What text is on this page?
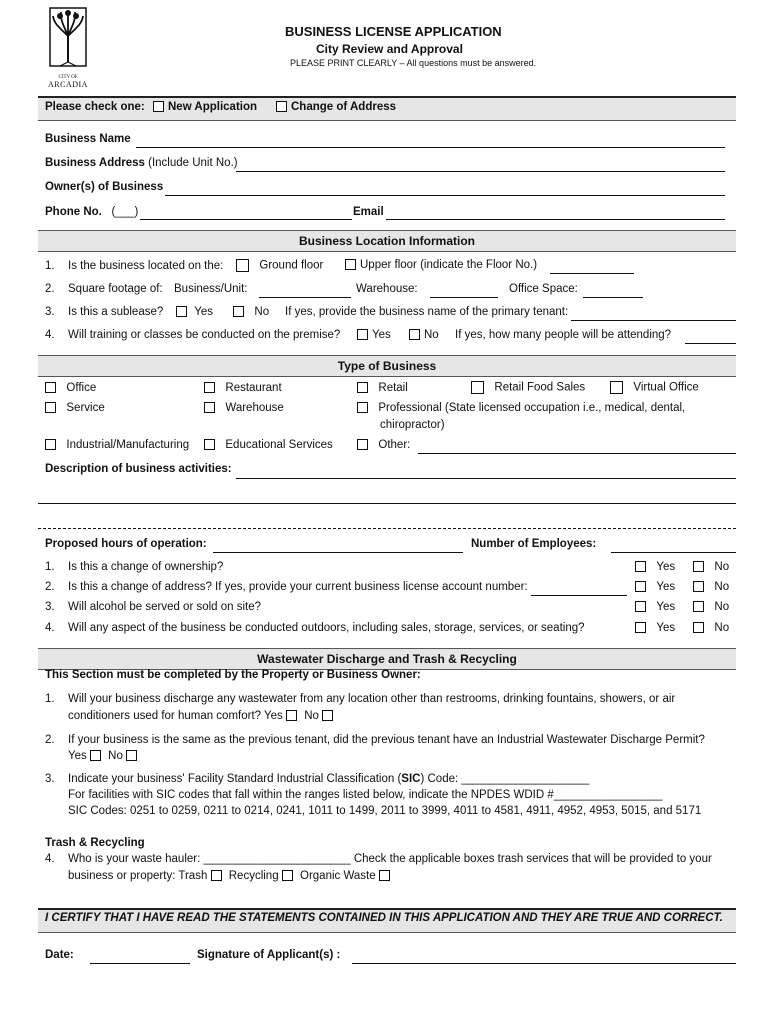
CITY OF
ARCADIA
BUSINESS LICENSE APPLICATION
City Review and Approval
PLEASE PRINT CLEARLY – All questions must be answered.
Please check one:	New Application	Change of Address
Business Name
Business Address (Include Unit No.)
Owner(s) of Business
Phone No. (___)	Email
Business Location Information
1. Is the business located on the:	Ground floor	Upper floor (indicate the Floor No.)
2. Square footage of: Business/Unit:	Warehouse:	Office Space:
3. Is this a sublease?	Yes	No If yes, provide the business name of the primary tenant:
4. Will training or classes be conducted on the premise?	Yes	No If yes, how many people will be attending?
Type of Business
Office	Restaurant	Retail	Retail Food Sales	Virtual Office
Service	Warehouse	Professional (State licensed occupation i.e., medical, dental,
chiropractor)
Industrial/Manufacturing	Educational Services	Other:
Description of business activities:
Proposed hours of operation:	Number of Employees:
1. Is this a change of ownership?	Yes	No
2. Is this a change of address? If yes, provide your current business license account number:	Yes	No
3. Will alcohol be served or sold on site?	Yes	No
4. Will any aspect of the business be conducted outdoors, including sales, storage, services, or seating?	Yes	No
Wastewater Discharge and Trash & Recycling
This Section must be completed by the Property or Business Owner:
1. Will your business discharge any wastewater from any location other than restrooms, drinking fountains, showers, or air
conditioners used for human comfort? Yes No
2. If your business is the same as the previous tenant, did the previous tenant have an Industrial Wastewater Discharge Permit?
Yes No
3. Indicate your business' Facility Standard Industrial Classification (SIC) Code: ____________________
For facilities with SIC codes that fall within the ranges listed below, indicate the NPDES WDID #_________________
SIC Codes: 0251 to 0259, 0211 to 0214, 0241, 1011 to 1499, 2011 to 3999, 4011 to 4581, 4911, 4952, 4953, 5015, and 5171
Trash & Recycling
4. Who is your waste hauler: _______________________ Check the applicable boxes trash services that will be provided to your
business or property: Trash Recycling Organic Waste
I CERTIFY THAT I HAVE READ THE STATEMENTS CONTAINED IN THIS APPLICATION AND THEY ARE TRUE AND CORRECT.
Date:	Signature of Applicant(s) :
